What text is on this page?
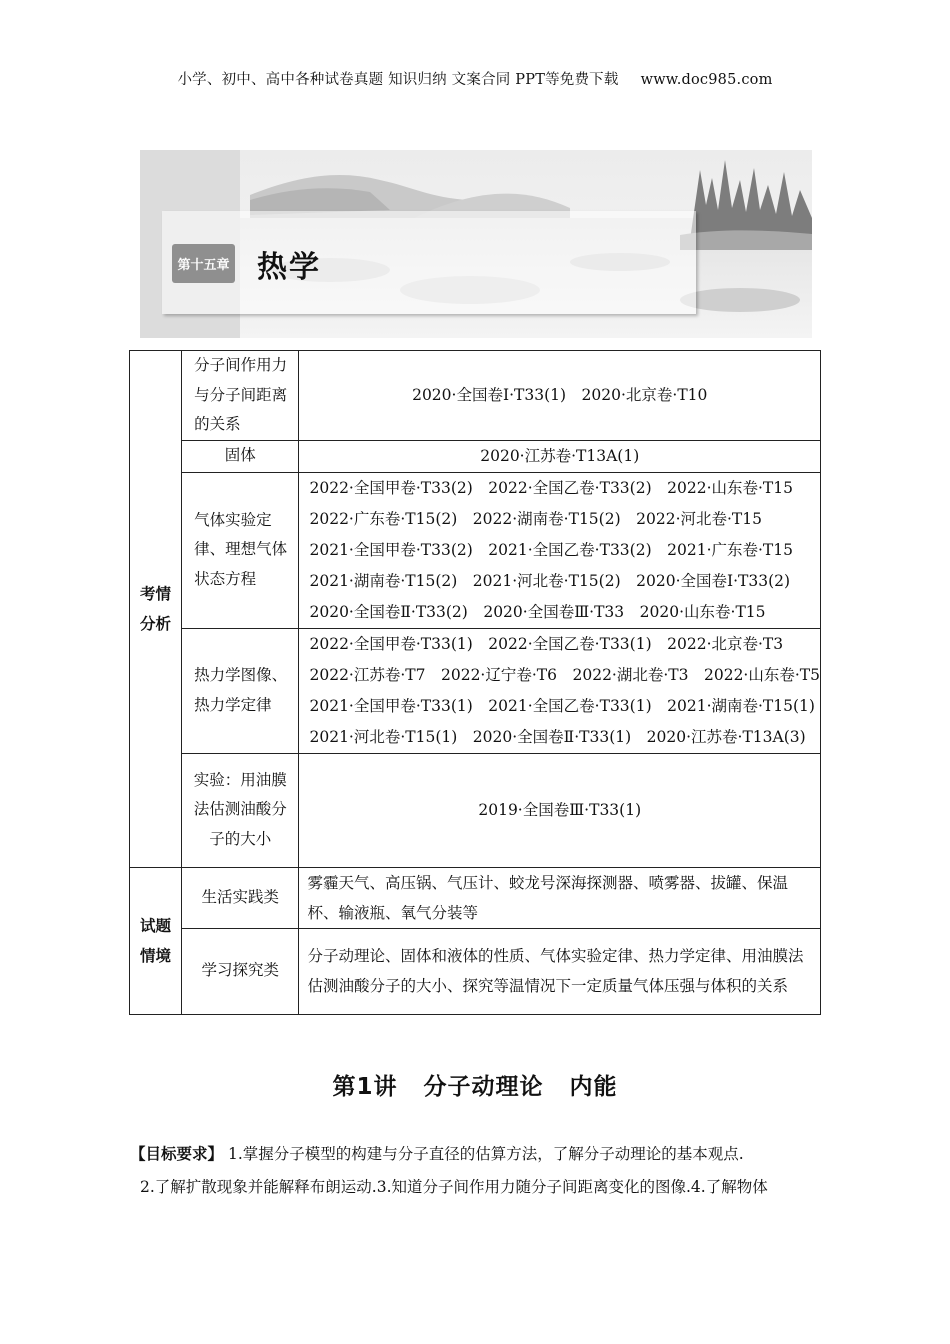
小学、初中、高中各种试卷真题 知识归纳 文案合同 PPT等免费下载 www.doc985.com
第十五章 热学
考情
分析	分子间作用力与分子间距离的关系	2020·全国卷Ⅰ·T33(1)　2020·北京卷·T10
	固体	2020·江苏卷·T13A(1)
	气体实验定律、理想气体状态方程	2022·全国甲卷·T33(2)　2022·全国乙卷·T33(2)　2022·山东卷·T15
2022·广东卷·T15(2)　2022·湖南卷·T15(2)　2022·河北卷·T15
2021·全国甲卷·T33(2)　2021·全国乙卷·T33(2)　2021·广东卷·T15
2021·湖南卷·T15(2)　2021·河北卷·T15(2)　2020·全国卷Ⅰ·T33(2)
2020·全国卷Ⅱ·T33(2)　2020·全国卷Ⅲ·T33　2020·山东卷·T15

	热力学图像、热力学定律	2022·全国甲卷·T33(1)　2022·全国乙卷·T33(1)　2022·北京卷·T3
2022·江苏卷·T7　2022·辽宁卷·T6　2022·湖北卷·T3　2022·山东卷·T5
2021·全国甲卷·T33(1)　2021·全国乙卷·T33(1)　2021·湖南卷·T15(1)
2021·河北卷·T15(1)　2020·全国卷Ⅱ·T33(1)　2020·江苏卷·T13A(3)

	实验：用油膜法估测油酸分子的大小	2019·全国卷Ⅲ·T33(1)
试题
情境	生活实践类	雾霾天气、高压锅、气压计、蛟龙号深海探测器、喷雾器、拔罐、保温杯、输液瓶、氧气分装等
	学习探究类	分子动理论、固体和液体的性质、气体实验定律、热力学定律、用油膜法估测油酸分子的大小、探究等温情况下一定质量气体压强与体积的关系
第1讲 分子动理论 内能
【目标要求】 1.掌握分子模型的构建与分子直径的估算方法，了解分子动理论的基本观点.
2.了解扩散现象并能解释布朗运动.3.知道分子间作用力随分子间距离变化的图像.4.了解物体
